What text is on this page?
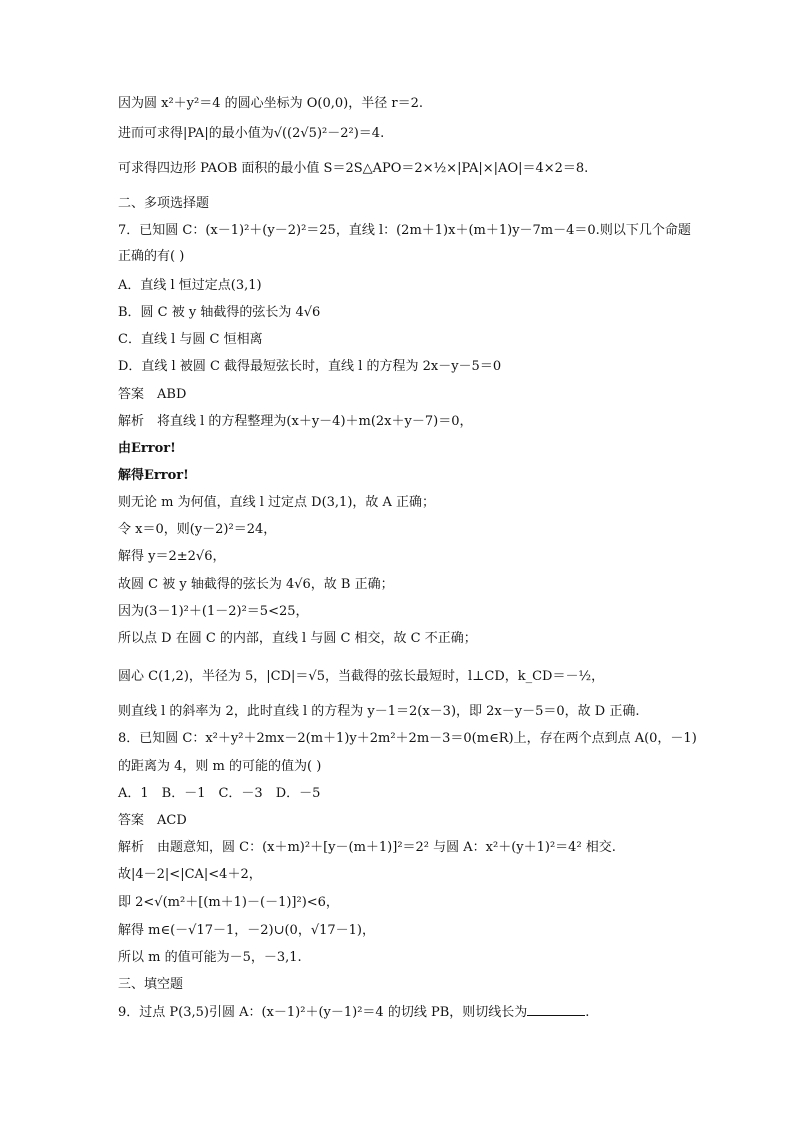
因为圆 x²＋y²＝4 的圆心坐标为 O(0,0)，半径 r＝2.
进而可求得|PA|的最小值为√((2√5)²－2²)＝4.
可求得四边形 PAOB 面积的最小值 S＝2S△APO＝2×½×|PA|×|AO|＝4×2＝8.
二、多项选择题
7．已知圆 C：(x－1)²＋(y－2)²＝25，直线 l：(2m＋1)x＋(m＋1)y－7m－4＝0.则以下几个命题
正确的有( )
A．直线 l 恒过定点(3,1)
B．圆 C 被 y 轴截得的弦长为 4√6
C．直线 l 与圆 C 恒相离
D．直线 l 被圆 C 截得最短弦长时，直线 l 的方程为 2x－y－5＝0
答案　ABD
解析　将直线 l 的方程整理为(x＋y－4)＋m(2x＋y－7)＝0，
由Error!
解得Error!
则无论 m 为何值，直线 l 过定点 D(3,1)，故 A 正确；
令 x＝0，则(y－2)²＝24，
解得 y＝2±2√6，
故圆 C 被 y 轴截得的弦长为 4√6，故 B 正确；
因为(3－1)²＋(1－2)²＝5<25，
所以点 D 在圆 C 的内部，直线 l 与圆 C 相交，故 C 不正确；
圆心 C(1,2)，半径为 5，|CD|＝√5，当截得的弦长最短时，l⊥CD，k_CD＝－½，
则直线 l 的斜率为 2，此时直线 l 的方程为 y－1＝2(x－3)，即 2x－y－5＝0，故 D 正确.
8．已知圆 C：x²＋y²＋2mx－2(m＋1)y＋2m²＋2m－3＝0(m∈R)上，存在两个点到点 A(0，－1)
的距离为 4，则 m 的可能的值为( )
A．1　B．－1　C．－3　D．－5
答案　ACD
解析　由题意知，圆 C：(x＋m)²＋[y－(m＋1)]²＝2² 与圆 A：x²＋(y＋1)²＝4² 相交.
故|4－2|<|CA|<4＋2，
即 2<√(m²＋[(m＋1)－(－1)]²)<6，
解得 m∈(－√17－1，－2)∪(0，√17－1)，
所以 m 的值可能为－5，－3,1.
三、填空题
9．过点 P(3,5)引圆 A：(x－1)²＋(y－1)²＝4 的切线 PB，则切线长为	.
